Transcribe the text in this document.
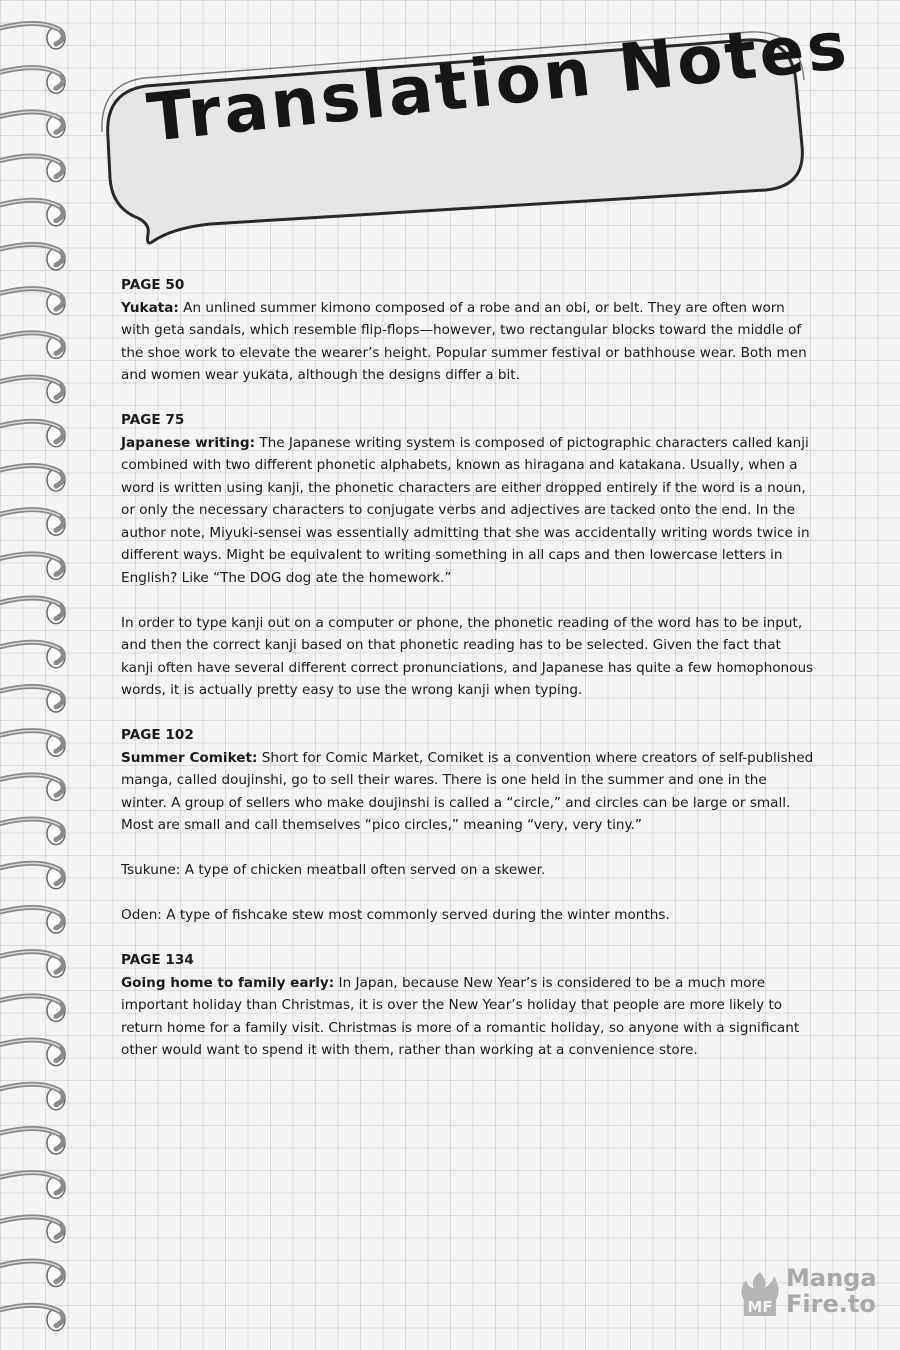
Translation Notes
PAGE 50
Yukata: An unlined summer kimono composed of a robe and an obi, or belt. They are often worn with geta sandals, which resemble flip-flops—however, two rectangular blocks toward the middle of the shoe work to elevate the wearer’s height. Popular summer festival or bathhouse wear. Both men and women wear yukata, although the designs differ a bit.
PAGE 75
Japanese writing: The Japanese writing system is composed of pictographic characters called kanji combined with two different phonetic alphabets, known as hiragana and katakana. Usually, when a word is written using kanji, the phonetic characters are either dropped entirely if the word is a noun, or only the necessary characters to conjugate verbs and adjectives are tacked onto the end. In the author note, Miyuki-sensei was essentially admitting that she was accidentally writing words twice in different ways. Might be equivalent to writing something in all caps and then lowercase letters in English? Like “The DOG dog ate the homework.”
In order to type kanji out on a computer or phone, the phonetic reading of the word has to be input, and then the correct kanji based on that phonetic reading has to be selected. Given the fact that kanji often have several different correct pronunciations, and Japanese has quite a few homophonous words, it is actually pretty easy to use the wrong kanji when typing.
PAGE 102
Summer Comiket: Short for Comic Market, Comiket is a convention where creators of self-published manga, called doujinshi, go to sell their wares. There is one held in the summer and one in the winter. A group of sellers who make doujinshi is called a “circle,” and circles can be large or small. Most are small and call themselves “pico circles,” meaning “very, very tiny.”
Tsukune: A type of chicken meatball often served on a skewer.
Oden: A type of fishcake stew most commonly served during the winter months.
PAGE 134
Going home to family early: In Japan, because New Year’s is considered to be a much more important holiday than Christmas, it is over the New Year’s holiday that people are more likely to return home for a family visit. Christmas is more of a romantic holiday, so anyone with a significant other would want to spend it with them, rather than working at a convenience store.
MF
Manga
Fire.to
